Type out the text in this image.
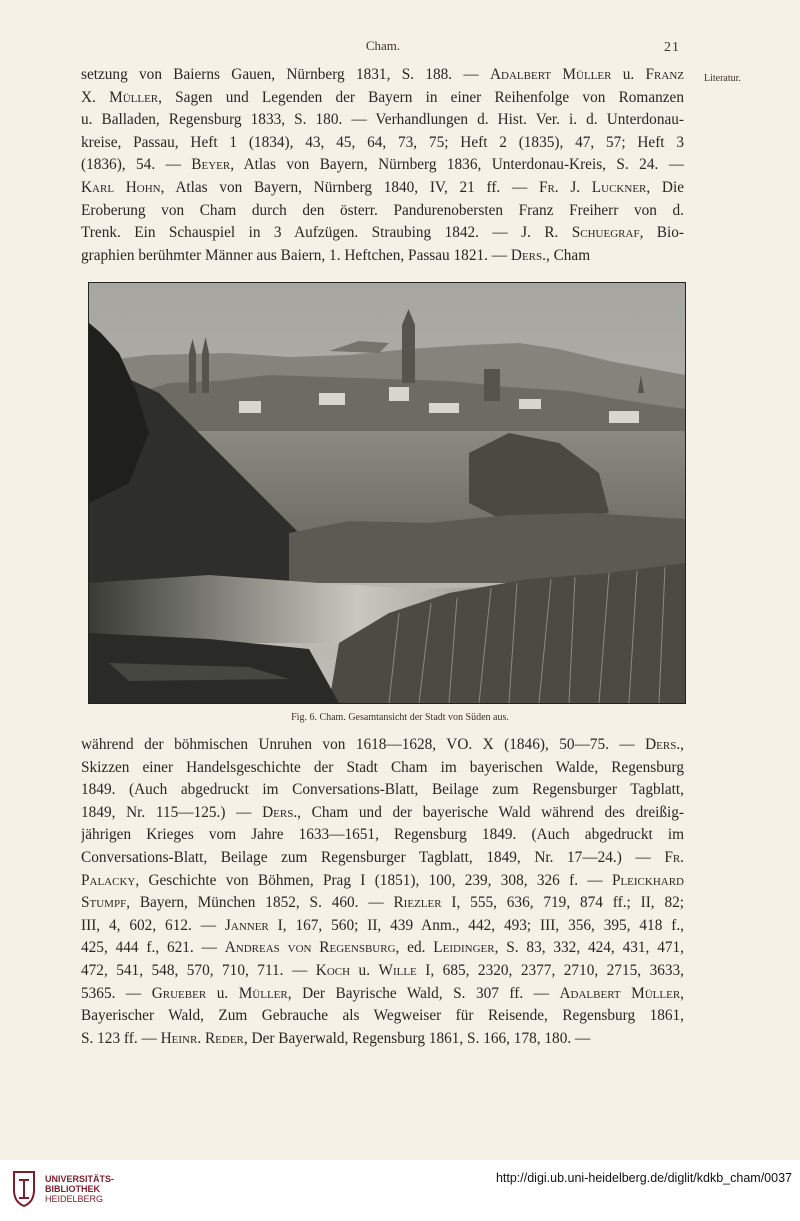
Cham.	21
Literatur.
setzung von Baierns Gauen, Nürnberg 1831, S. 188. — Adalbert Müller u. Franz
X. Müller, Sagen und Legenden der Bayern in einer Reihenfolge von Romanzen
u. Balladen, Regensburg 1833, S. 180. — Verhandlungen d. Hist. Ver. i. d. Unterdonau-
kreise, Passau, Heft 1 (1834), 43, 45, 64, 73, 75; Heft 2 (1835), 47, 57; Heft 3
(1836), 54. — Beyer, Atlas von Bayern, Nürnberg 1836, Unterdonau-Kreis, S. 24. —
Karl Hohn, Atlas von Bayern, Nürnberg 1840, IV, 21 ff. — Fr. J. Luckner, Die
Eroberung von Cham durch den österr. Pandurenobersten Franz Freiherr von d.
Trenk. Ein Schauspiel in 3 Aufzügen. Straubing 1842. — J. R. Schuegraf, Bio-
graphien berühmter Männer aus Baiern, 1. Heftchen, Passau 1821. — Ders., Cham
Fig. 6. Cham. Gesamtansicht der Stadt von Süden aus.
während der böhmischen Unruhen von 1618—1628, VO. X (1846), 50—75. — Ders.,
Skizzen einer Handelsgeschichte der Stadt Cham im bayerischen Walde, Regensburg
1849. (Auch abgedruckt im Conversations-Blatt, Beilage zum Regensburger Tagblatt,
1849, Nr. 115—125.) — Ders., Cham und der bayerische Wald während des dreißig-
jährigen Krieges vom Jahre 1633—1651, Regensburg 1849. (Auch abgedruckt im
Conversations-Blatt, Beilage zum Regensburger Tagblatt, 1849, Nr. 17—24.) — Fr.
Palacky, Geschichte von Böhmen, Prag I (1851), 100, 239, 308, 326 f. — Pleickhard
Stumpf, Bayern, München 1852, S. 460. — Riezler I, 555, 636, 719, 874 ff.; II, 82;
III, 4, 602, 612. — Janner I, 167, 560; II, 439 Anm., 442, 493; III, 356, 395, 418 f.,
425, 444 f., 621. — Andreas von Regensburg, ed. Leidinger, S. 83, 332, 424, 431, 471,
472, 541, 548, 570, 710, 711. — Koch u. Wille I, 685, 2320, 2377, 2710, 2715, 3633,
5365. — Grueber u. Müller, Der Bayrische Wald, S. 307 ff. — Adalbert Müller,
Bayerischer Wald, Zum Gebrauche als Wegweiser für Reisende, Regensburg 1861,
S. 123 ff. — Heinr. Reder, Der Bayerwald, Regensburg 1861, S. 166, 178, 180. —
UNIVERSITÄTS-
BIBLIOTHEK
HEIDELBERG
http://digi.ub.uni-heidelberg.de/diglit/kdkb_cham/0037
